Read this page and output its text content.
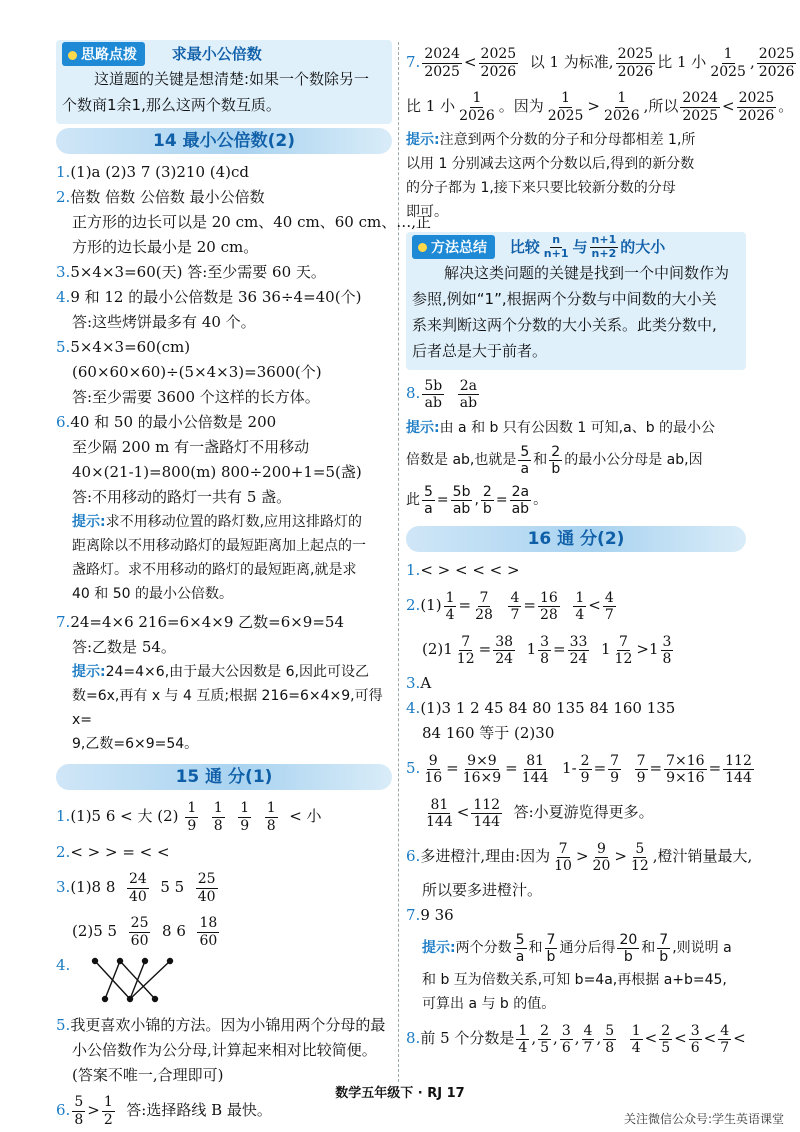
思路点拨 求最小公倍数
这道题的关键是想清楚:如果一个数除另一
个数商1余1,那么这两个数互质。
14 最小公倍数(2)
1.(1)a (2)3 7 (3)210 (4)cd
2.倍数 倍数 公倍数 最小公倍数
正方形的边长可以是 20 cm、40 cm、60 cm、…,正
方形的边长最小是 20 cm。
3.5×4×3=60(天) 答:至少需要 60 天。
4.9 和 12 的最小公倍数是 36 36÷4=40(个)
答:这些烤饼最多有 40 个。
5.5×4×3=60(cm)
(60×60×60)÷(5×4×3)=3600(个)
答:至少需要 3600 个这样的长方体。
6.40 和 50 的最小公倍数是 200
至少隔 200 m 有一盏路灯不用移动
40×(21-1)=800(m) 800÷200+1=5(盏)
答:不用移动的路灯一共有 5 盏。
提示:求不用移动位置的路灯数,应用这排路灯的
距离除以不用移动路灯的最短距离加上起点的一
盏路灯。求不用移动的路灯的最短距离,就是求
40 和 50 的最小公倍数。
7.24=4×6 216=6×4×9 乙数=6×9=54
答:乙数是 54。
提示:24=4×6,由于最大公因数是 6,因此可设乙
数=6x,再有 x 与 4 互质;根据 216=6×4×9,可得 x=
9,乙数=6×9=54。
15 通 分(1)
1.(1)5 6 < 大 $(2) \frac{1}{9}$
$\frac{1}{8}$
$\frac{1}{9}$
$\frac{1}{8}$ < 小
2.< > > = < <
3.(1)8 $8 \frac{24}{40} 5$ $5 \frac{25}{40}$
(2)5 $5 \frac{25}{60} 8$ $6 \frac{18}{60}$
4.
5.我更喜欢小锦的方法。因为小锦用两个分母的最
小公倍数作为公分母,计算起来相对比较简便。
(答案不唯一,合理即可)
6. $\frac{5}{8} > \frac{1}{2}$ 答:选择路线 B 最快。
7. $\frac{2024}{2025} < \frac{2025}{2026}$ 以 1 为标准, $\frac{2025}{2026}$ 比 1 小 $\frac{1}{2025}$ , $\frac{2025}{2026}$
比 1 小 $\frac{1}{2026}$ 。因为 $\frac{1}{2025} > \frac{1}{2026}$ ,所以 $\frac{2024}{2025} < \frac{2025}{2026}$ 。
提示:注意到两个分数的分子和分母都相差 1,所
以用 1 分别减去这两个分数以后,得到的新分数
的分子都为 1,接下来只要比较新分数的分母
即可。
方法总结 比较 $\frac{n}{n+1}$ 与 $\frac{n+1}{n+2}$ 的大小
解决这类问题的关键是找到一个中间数作为
参照,例如“1”,根据两个分数与中间数的大小关
系来判断这两个分数的大小关系。此类分数中,
后者总是大于前者。
8. $\frac{5b}{ab}$
$\frac{2a}{ab}$
提示:由 a 和 b 只有公因数 1 可知,a、b 的最小公
倍数是 ab,也就是 $\frac{5}{a}$ 和 $\frac{2}{b}$ 的最小公分母是 ab,因
此 $\frac{5}{a} = \frac{5b}{ab}$ , $\frac{2}{b} = \frac{2a}{ab}$ 。
16 通 分(2)
1.< > < < < >
$2.(1) \frac{1}{4} = \frac{7}{28}$
$\frac{4}{7} = \frac{16}{28}$
$\frac{1}{4} < \frac{4}{7}$
$(2)1 \frac{7}{12} = \frac{38}{24} 1 \frac{3}{8} = \frac{33}{24} 1 \frac{7}{12} >1 \frac{3}{8}$
3.A
4.(1)3 1 2 45 84 80 135 84 160 135
84 160 等于 (2)30
5. $\frac{9}{16} = \frac{9\times 9}{16\times 9} = \frac{81}{144} 1- \frac{2}{9} = \frac{7}{9}$
$\frac{7}{9} = \frac{7\times 16}{9\times 16} = \frac{112}{144}$
$\frac{81}{144} < \frac{112}{144}$ 答:小夏游览得更多。
6.多进橙汁,理由:因为 $\frac{7}{10} > \frac{9}{20} > \frac{5}{12}$ ,橙汁销量最大,
所以要多进橙汁。
7.9 36
提示:两个分数 $\frac{5}{a}$ 和 $\frac{7}{b}$ 通分后得 $\frac{20}{b}$ 和 $\frac{7}{b}$ ,则说明 a
和 b 互为倍数关系,可知 b=4a,再根据 a+b=45,
可算出 a 与 b 的值。
8.前 5 个分数是 $\frac{1}{4}$ , $\frac{2}{5}$ , $\frac{3}{6}$ , $\frac{4}{7}$ , $\frac{5}{8}$
$\frac{1}{4} < \frac{2}{5} < \frac{3}{6} < \frac{4}{7}$ <
数学五年级下 · RJ 17
关注微信公众号:学生英语课堂
